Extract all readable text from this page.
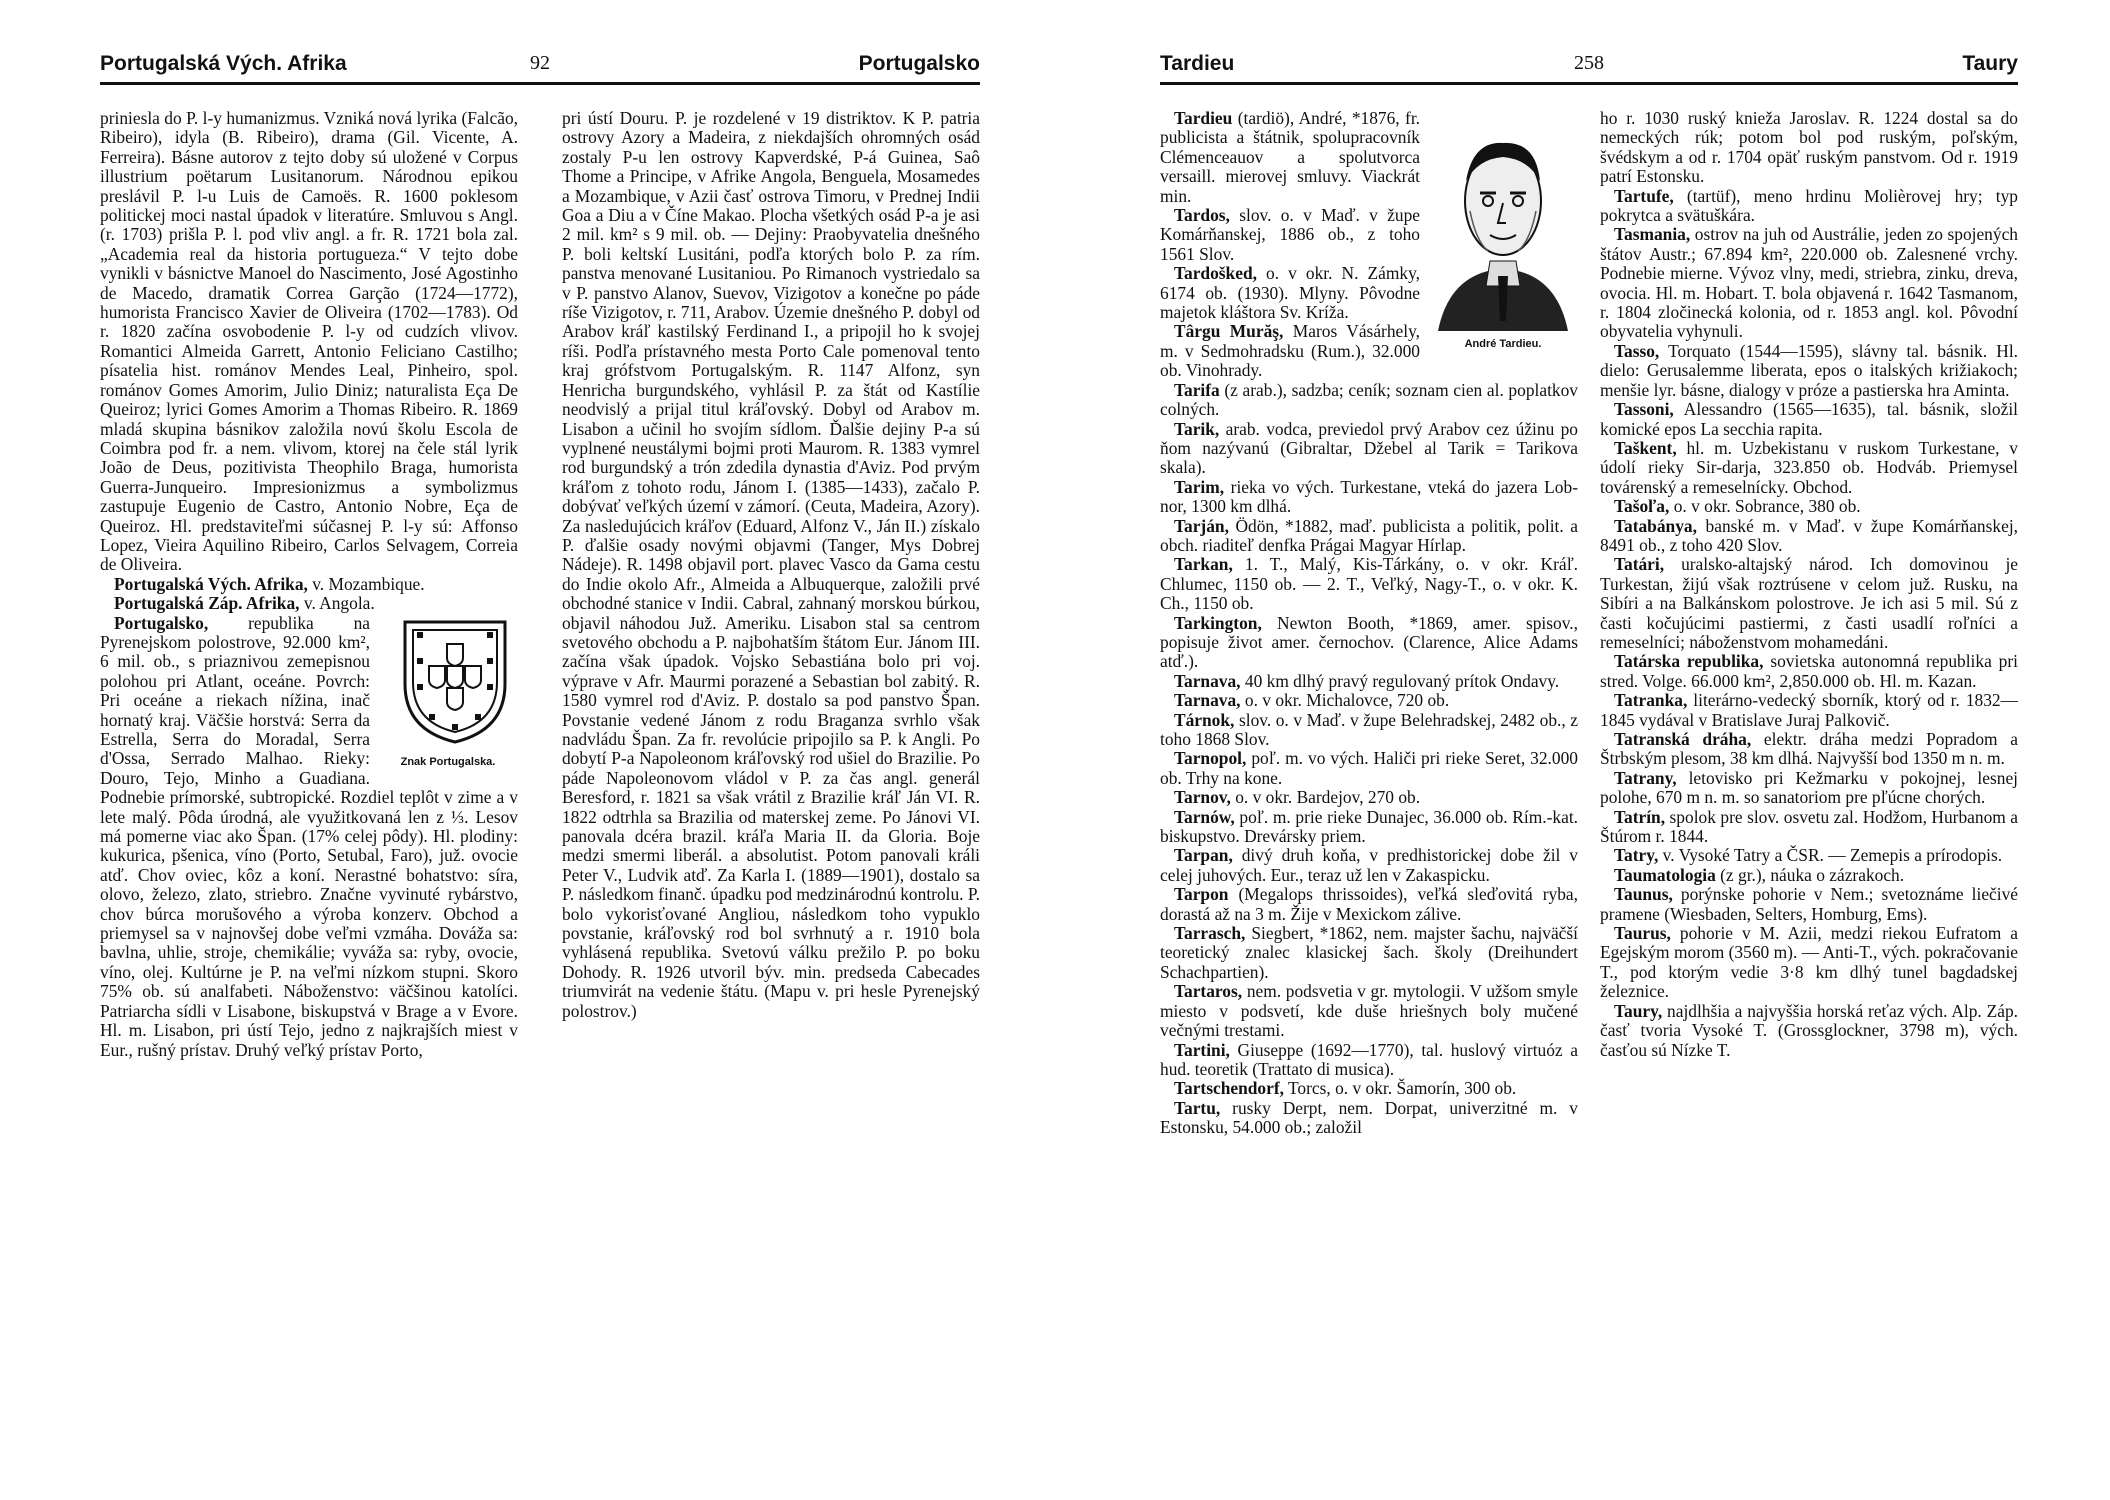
Portugalská Vých. Afrika	92	Portugalsko

priniesla do P. l-y humanizmus. Vzniká nová lyrika (Falcão, Ribeiro), idyla (B. Ribeiro), drama (Gil. Vicente, A. Ferreira). Básne autorov z tejto doby sú uložené v Corpus illustrium poëtarum Lusitanorum. Národnou epikou preslávil P. l-u Luis de Camoës. R. 1600 poklesom politickej moci nastal úpadok v literatúre. Smluvou s Angl. (r. 1703) prišla P. l. pod vliv angl. a fr. R. 1721 bola zal. „Academia real da historia portugueza.“ V tejto dobe vynikli v básnictve Manoel do Nascimento, José Agostinho de Macedo, dramatik Correa Garção (1724—1772), humorista Francisco Xavier de Oliveira (1702—1783). Od r. 1820 začína osvobodenie P. l-y od cudzích vlivov. Romantici Almeida Garrett, Antonio Feliciano Castilho; písatelia hist. románov Mendes Leal, Pinheiro, spol. románov Gomes Amorim, Julio Diniz; naturalista Eça De Queiroz; lyrici Gomes Amorim a Thomas Ribeiro. R. 1869 mladá skupina básnikov založila novú školu Escola de Coimbra pod fr. a nem. vlivom, ktorej na čele stál lyrik João de Deus, pozitivista Theophilo Braga, humorista Guerra-Junqueiro. Impresionizmus a symbolizmus zastupuje Eugenio de Castro, Antonio Nobre, Eça de Queiroz. Hl. predstaviteľmi súčasnej P. l-y sú: Affonso Lopez, Vieira Aquilino Ribeiro, Carlos Selvagem, Correia de Oliveira.

Portugalská Vých. Afrika, v. Mozambique.

Portugalská Záp. Afrika, v. Angola.

Portugalsko,
Znak Portugalska.
republika na Pyrenejskom polostrove, 92.000 km², 6 mil. ob., s priaznivou zemepisnou polohou pri Atlant, oceáne. Povrch: Pri oceáne a riekach nížina, inač hornatý kraj. Väčšie horstvá: Serra da Estrella, Serra do Moradal, Serra d'Ossa, Serrado Malhao. Rieky: Douro, Tejo, Minho a Guadiana. Podnebie prímorské, subtropické. Rozdiel teplôt v zime a v lete malý. Pôda úrodná, ale využitkovaná len z ⅓. Lesov má pomerne viac ako Špan. (17% celej pôdy). Hl. plodiny: kukurica, pšenica, víno (Porto, Setubal, Faro), juž. ovocie atď. Chov oviec, kôz a koní. Nerastné bohatstvo: síra, olovo, železo, zlato, striebro. Značne vyvinuté rybárstvo, chov búrca morušového a výroba konzerv. Obchod a priemysel sa v najnovšej dobe veľmi vzmáha. Dováža sa: bavlna, uhlie, stroje, chemikálie; vyváža sa: ryby, ovocie, víno, olej. Kultúrne je P. na veľmi nízkom stupni. Skoro 75% ob. sú analfabeti. Náboženstvo: väčšinou katolíci. Patriarcha sídli v Lisabone, biskupstvá v Brage a v Evore. Hl. m. Lisabon, pri ústí Tejo, jedno z najkrajších miest v Eur., rušný prístav. Druhý veľký prístav Porto,

pri ústí Douru. P. je rozdelené v 19 distriktov. K P. patria ostrovy Azory a Madeira, z niekdajších ohromných osád zostaly P-u len ostrovy Kapverdské, P-á Guinea, Saô Thome a Principe, v Afrike Angola, Benguela, Mosamedes a Mozambique, v Azii časť ostrova Timoru, v Prednej Indii Goa a Diu a v Číne Makao. Plocha všetkých osád P-a je asi 2 mil. km² s 9 mil. ob. — Dejiny: Praobyvatelia dnešného P. boli keltskí Lusitáni, podľa ktorých bolo P. za rím. panstva menované Lusitaniou. Po Rimanoch vystriedalo sa v P. panstvo Alanov, Suevov, Vizigotov a konečne po páde ríše Vizigotov, r. 711, Arabov. Územie dnešného P. dobyl od Arabov kráľ kastilský Ferdinand I., a pripojil ho k svojej ríši. Podľa prístavného mesta Porto Cale pomenoval tento kraj grófstvom Portugalským. R. 1147 Alfonz, syn Henricha burgundského, vyhlásil P. za štát od Kastílie neodvislý a prijal titul kráľovský. Dobyl od Arabov m. Lisabon a učinil ho svojím sídlom. Ďalšie dejiny P-a sú vyplnené neustálymi bojmi proti Maurom. R. 1383 vymrel rod burgundský a trón zdedila dynastia d'Aviz. Pod prvým kráľom z tohoto rodu, Jánom I. (1385—1433), začalo P. dobývať veľkých území v zámorí. (Ceuta, Madeira, Azory). Za nasledujúcich kráľov (Eduard, Alfonz V., Ján II.) získalo P. ďalšie osady novými objavmi (Tanger, Mys Dobrej Nádeje). R. 1498 objavil port. plavec Vasco da Gama cestu do Indie okolo Afr., Almeida a Albuquerque, založili prvé obchodné stanice v Indii. Cabral, zahnaný morskou búrkou, objavil náhodou Juž. Ameriku. Lisabon stal sa centrom svetového obchodu a P. najbohatším štátom Eur. Jánom III. začína však úpadok. Vojsko Sebastiána bolo pri voj. výprave v Afr. Maurmi porazené a Sebastian bol zabitý. R. 1580 vymrel rod d'Aviz. P. dostalo sa pod panstvo Špan. Povstanie vedené Jánom z rodu Braganza svrhlo však nadvládu Špan. Za fr. revolúcie pripojilo sa P. k Angli. Po dobytí P-a Napoleonom kráľovský rod ušiel do Brazilie. Po páde Napoleonovom vládol v P. za čas angl. generál Beresford, r. 1821 sa však vrátil z Brazilie kráľ Ján VI. R. 1822 odtrhla sa Brazilia od materskej zeme. Po Jánovi VI. panovala dcéra brazil. kráľa Maria II. da Gloria. Boje medzi smermi liberál. a absolutist. Potom panovali králi Peter V., Ludvik atď. Za Karla I. (1889—1901), dostalo sa P. následkom finanč. úpadku pod medzinárodnú kontrolu. P. bolo vykorisťované Angliou, následkom toho vypuklo povstanie, kráľovský rod bol svrhnutý a r. 1910 bola vyhlásená republika. Svetovú válku prežilo P. po boku Dohody. R. 1926 utvoril býv. min. predseda Cabecades triumvirát na vedenie štátu. (Mapu v. pri hesle Pyrenejský polostrov.)

Tardieu	258	Taury
André Tardieu.

Tardieu (tardiö), André, *1876, fr. publicista a štátnik, spolupracovník Clémenceauov a spolutvorca versaill. mierovej smluvy. Viackrát min.

Tardos, slov. o. v Maď. v župe Komárňanskej, 1886 ob., z toho 1561 Slov.

Tardošked, o. v okr. N. Zámky, 6174 ob. (1930). Mlyny. Pôvodne majetok kláštora Sv. Kríža.

Târgu Murăş, Maros Vásárhely, m. v Sedmohradsku (Rum.), 32.000 ob. Vinohrady.

Tarifa (z arab.), sadzba; ceník; soznam cien al. poplatkov colných.

Tarik, arab. vodca, previedol prvý Arabov cez úžinu po ňom nazývanú (Gibraltar, Džebel al Tarik = Tarikova skala).

Tarim, rieka vo vých. Turkestane, vteká do jazera Lob-nor, 1300 km dlhá.

Tarján, Ödön, *1882, maď. publicista a politik, polit. a obch. riaditeľ denfka Prágai Magyar Hírlap.

Tarkan, 1. T., Malý, Kis-Tárkány, o. v okr. Kráľ. Chlumec, 1150 ob. — 2. T., Veľký, Nagy-T., o. v okr. K. Ch., 1150 ob.

Tarkington, Newton Booth, *1869, amer. spisov., popisuje život amer. černochov. (Clarence, Alice Adams atď.).

Tarnava, 40 km dlhý pravý regulovaný prítok Ondavy.

Tarnava, o. v okr. Michalovce, 720 ob.

Tárnok, slov. o. v Maď. v župe Belehradskej, 2482 ob., z toho 1868 Slov.

Tarnopol, poľ. m. vo vých. Haliči pri rieke Seret, 32.000 ob. Trhy na kone.

Tarnov, o. v okr. Bardejov, 270 ob.

Tarnów, poľ. m. prie rieke Dunajec, 36.000 ob. Rím.-kat. biskupstvo. Drevársky priem.

Tarpan, divý druh koňa, v predhistorickej dobe žil v celej juhových. Eur., teraz už len v Zakaspicku.

Tarpon (Megalops thrissoides), veľká sleďovitá ryba, dorastá až na 3 m. Žije v Mexickom zálive.

Tarrasch, Siegbert, *1862, nem. majster šachu, najväčší teoretický znalec klasickej šach. školy (Dreihundert Schachpartien).

Tartaros, nem. podsvetia v gr. mytologii. V užšom smyle miesto v podsvetí, kde duše hriešnych boly mučené večnými trestami.

Tartini, Giuseppe (1692—1770), tal. huslový virtuóz a hud. teoretik (Trattato di musica).

Tartschendorf, Torcs, o. v okr. Šamorín, 300 ob.

Tartu, rusky Derpt, nem. Dorpat, univerzitné m. v Estonsku, 54.000 ob.; založil

ho r. 1030 ruský knieža Jaroslav. R. 1224 dostal sa do nemeckých rúk; potom bol pod ruským, poľským, švédskym a od r. 1704 opäť ruským panstvom. Od r. 1919 patrí Estonsku.

Tartufe, (tartüf), meno hrdinu Molièrovej hry; typ pokrytca a svätuškára.

Tasmania, ostrov na juh od Austrálie, jeden zo spojených štátov Austr.; 67.894 km², 220.000 ob. Zalesnené vrchy. Podnebie mierne. Vývoz vlny, medi, striebra, zinku, dreva, ovocia. Hl. m. Hobart. T. bola objavená r. 1642 Tasmanom, r. 1804 zločinecká kolonia, od r. 1853 angl. kol. Pôvodní obyvatelia vyhynuli.

Tasso, Torquato (1544—1595), slávny tal. básnik. Hl. dielo: Gerusalemme liberata, epos o italských križiakoch; menšie lyr. básne, dialogy v próze a pastierska hra Aminta.

Tassoni, Alessandro (1565—1635), tal. básnik, složil komické epos La secchia rapita.

Taškent, hl. m. Uzbekistanu v ruskom Turkestane, v údolí rieky Sir-darja, 323.850 ob. Hodváb. Priemysel továrenský a remeselnícky. Obchod.

Tašoľa, o. v okr. Sobrance, 380 ob.

Tatabánya, banské m. v Maď. v župe Komárňanskej, 8491 ob., z toho 420 Slov.

Tatári, uralsko-altajský národ. Ich domovinou je Turkestan, žijú však roztrúsene v celom juž. Rusku, na Sibíri a na Balkánskom polostrove. Je ich asi 5 mil. Sú z časti kočujúcimi pastiermi, z časti usadlí roľníci a remeselníci; náboženstvom mohamedáni.

Tatárska republika, sovietska autonomná republika pri stred. Volge. 66.000 km², 2,850.000 ob. Hl. m. Kazan.

Tatranka, literárno-vedecký sborník, ktorý od r. 1832—1845 vydával v Bratislave Juraj Palkovič.

Tatranská dráha, elektr. dráha medzi Popradom a Štrbským plesom, 38 km dlhá. Najvyšší bod 1350 m n. m.

Tatrany, letovisko pri Kežmarku v pokojnej, lesnej polohe, 670 m n. m. so sanatoriom pre pľúcne chorých.

Tatrín, spolok pre slov. osvetu zal. Hodžom, Hurbanom a Štúrom r. 1844.

Tatry, v. Vysoké Tatry a ČSR. — Zemepis a prírodopis.

Taumatologia (z gr.), náuka o zázrakoch.

Taunus, porýnske pohorie v Nem.; svetoznáme liečivé pramene (Wiesbaden, Selters, Homburg, Ems).

Taurus, pohorie v M. Azii, medzi riekou Eufratom a Egejským morom (3560 m). — Anti-T., vých. pokračovanie T., pod ktorým vedie 3·8 km dlhý tunel bagdadskej železnice.

Taury, najdlhšia a najvyššia horská reťaz vých. Alp. Záp. časť tvoria Vysoké T. (Grossglockner, 3798 m), vých. časťou sú Nízke T.
